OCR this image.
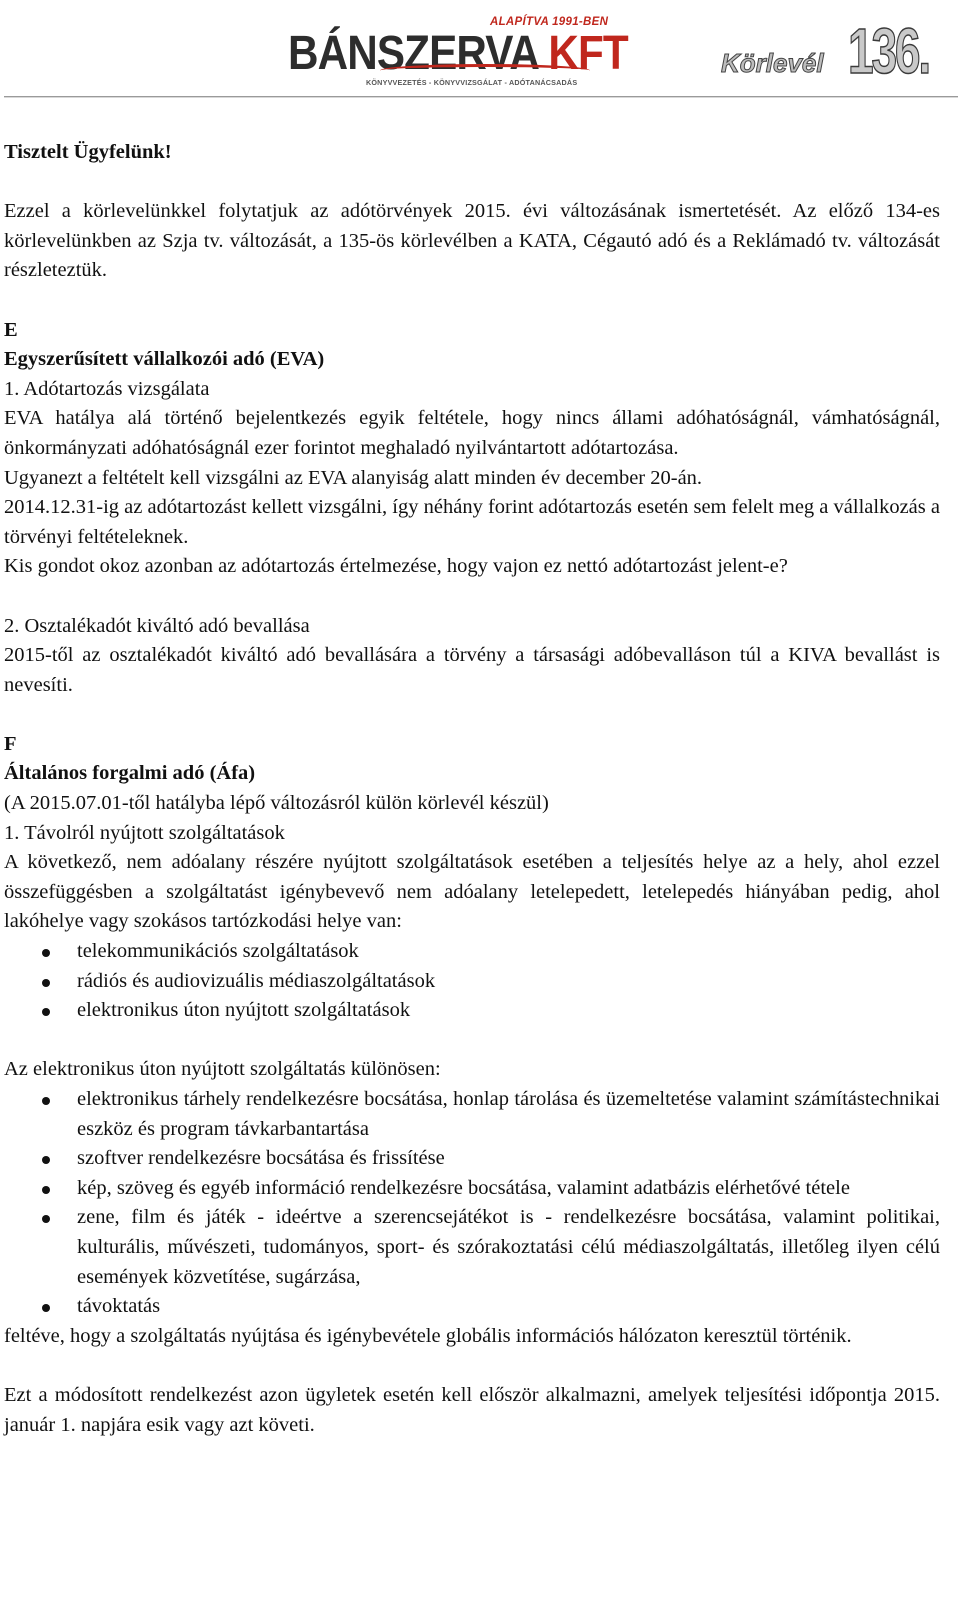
ALAPÍTVA 1991-BEN
BÁNSZERVA KFT
KÖNYVVEZETÉS - KÖNYVVIZSGÁLAT - ADÓTANÁCSADÁS
Körlevél 136.

Tisztelt Ügyfelünk!

Ezzel a körlevelünkkel folytatjuk az adótörvények 2015. évi változásának ismertetését. Az előző 134-es körlevelünkben az Szja tv. változását, a 135-ös körlevélben a KATA, Cégautó adó és a Reklámadó tv. változását részleteztük.

E

Egyszerűsített vállalkozói adó (EVA)

1. Adótartozás vizsgálata

EVA hatálya alá történő bejelentkezés egyik feltétele, hogy nincs állami adóhatóságnál, vámhatóságnál, önkormányzati adóhatóságnál ezer forintot meghaladó nyilvántartott adótartozása.

Ugyanezt a feltételt kell vizsgálni az EVA alanyiság alatt minden év december 20-án.

2014.12.31-ig az adótartozást kellett vizsgálni, így néhány forint adótartozás esetén sem felelt meg a vállalkozás a törvényi feltételeknek.

Kis gondot okoz azonban az adótartozás értelmezése, hogy vajon ez nettó adótartozást jelent-e?

2. Osztalékadót kiváltó adó bevallása

2015-től az osztalékadót kiváltó adó bevallására a törvény a társasági adóbevalláson túl a KIVA bevallást is nevesíti.

F

Általános forgalmi adó (Áfa)

(A 2015.07.01-től hatályba lépő változásról külön körlevél készül)

1. Távolról nyújtott szolgáltatások

A következő, nem adóalany részére nyújtott szolgáltatások esetében a teljesítés helye az a hely, ahol ezzel összefüggésben a szolgáltatást igénybevevő nem adóalany letelepedett, letelepedés hiányában pedig, ahol lakóhelye vagy szokásos tartózkodási helye van:

telekommunikációs szolgáltatások
rádiós és audiovizuális médiaszolgáltatások
elektronikus úton nyújtott szolgáltatások

Az elektronikus úton nyújtott szolgáltatás különösen:

elektronikus tárhely rendelkezésre bocsátása, honlap tárolása és üzemeltetése valamint számítástechnikai eszköz és program távkarbantartása
szoftver rendelkezésre bocsátása és frissítése
kép, szöveg és egyéb információ rendelkezésre bocsátása, valamint adatbázis elérhetővé tétele
zene, film és játék - ideértve a szerencsejátékot is - rendelkezésre bocsátása, valamint politikai, kulturális, művészeti, tudományos, sport- és szórakoztatási célú médiaszolgáltatás, illetőleg ilyen célú események közvetítése, sugárzása,
távoktatás

feltéve, hogy a szolgáltatás nyújtása és igénybevétele globális információs hálózaton keresztül történik.

Ezt a módosított rendelkezést azon ügyletek esetén kell először alkalmazni, amelyek teljesítési időpontja 2015. január 1. napjára esik vagy azt követi.
